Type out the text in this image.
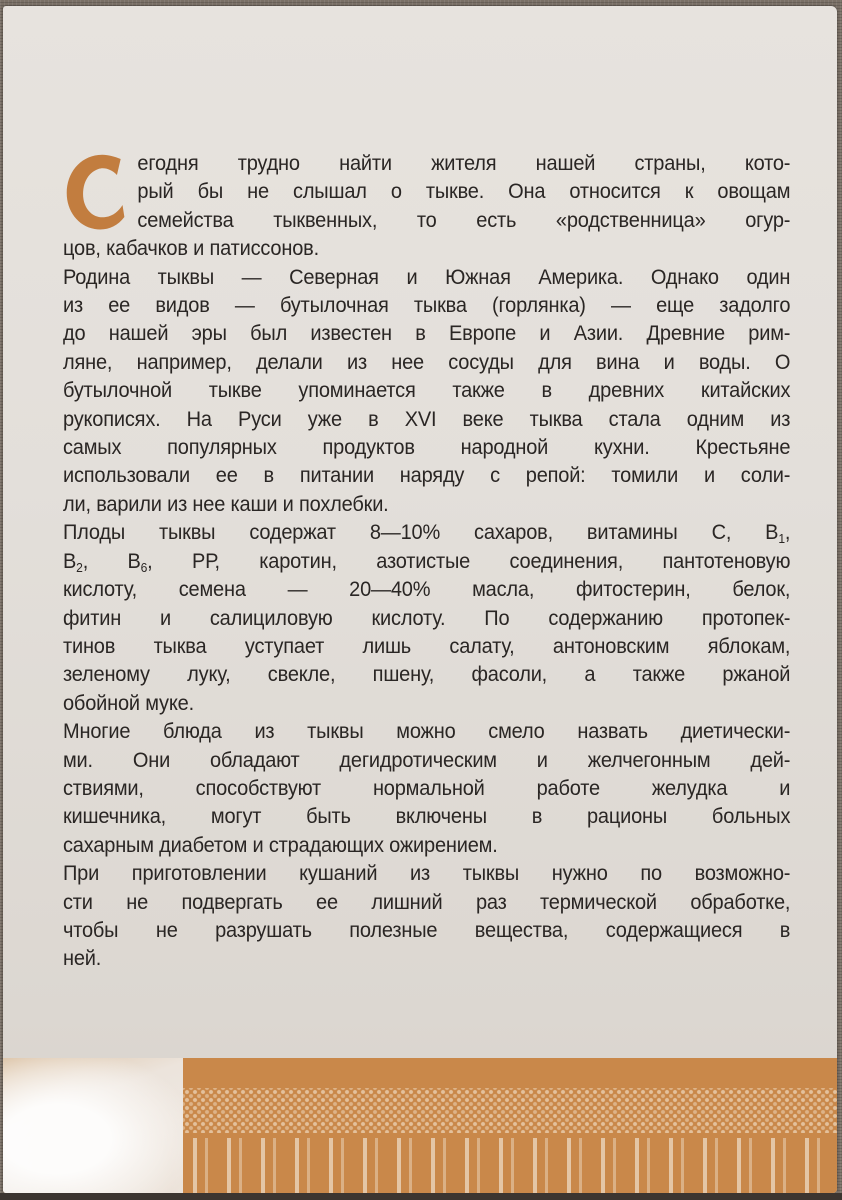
егодня трудно найти жителя нашей страны, кото-
рый бы не слышал о тыкве. Она относится к овощам
семейства тыквенных, то есть «родственница» огур-
цов, кабачков и патиссонов.
Родина тыквы — Северная и Южная Америка. Однако один
из ее видов — бутылочная тыква (горлянка) — еще задолго
до нашей эры был известен в Европе и Азии. Древние рим-
ляне, например, делали из нее сосуды для вина и воды. О
бутылочной тыкве упоминается также в древних китайских
рукописях. На Руси уже в XVI веке тыква стала одним из
самых популярных продуктов народной кухни. Крестьяне
использовали ее в питании наряду с репой: томили и соли-
ли, варили из нее каши и похлебки.
Плоды тыквы содержат 8—10% сахаров, витамины С, $В_1$,
$В_2$, $В_6$, РР, каротин, азотистые соединения, пантотеновую
кислоту, семена — 20—40% масла, фитостерин, белок,
фитин и салициловую кислоту. По содержанию протопек-
тинов тыква уступает лишь салату, антоновским яблокам,
зеленому луку, свекле, пшену, фасоли, а также ржаной
обойной муке.
Многие блюда из тыквы можно смело назвать диетически-
ми. Они обладают дегидротическим и желчегонным дей-
ствиями, способствуют нормальной работе желудка и
кишечника, могут быть включены в рационы больных
сахарным диабетом и страдающих ожирением.
При приготовлении кушаний из тыквы нужно по возможно-
сти не подвергать ее лишний раз термической обработке,
чтобы не разрушать полезные вещества, содержащиеся в
ней.
